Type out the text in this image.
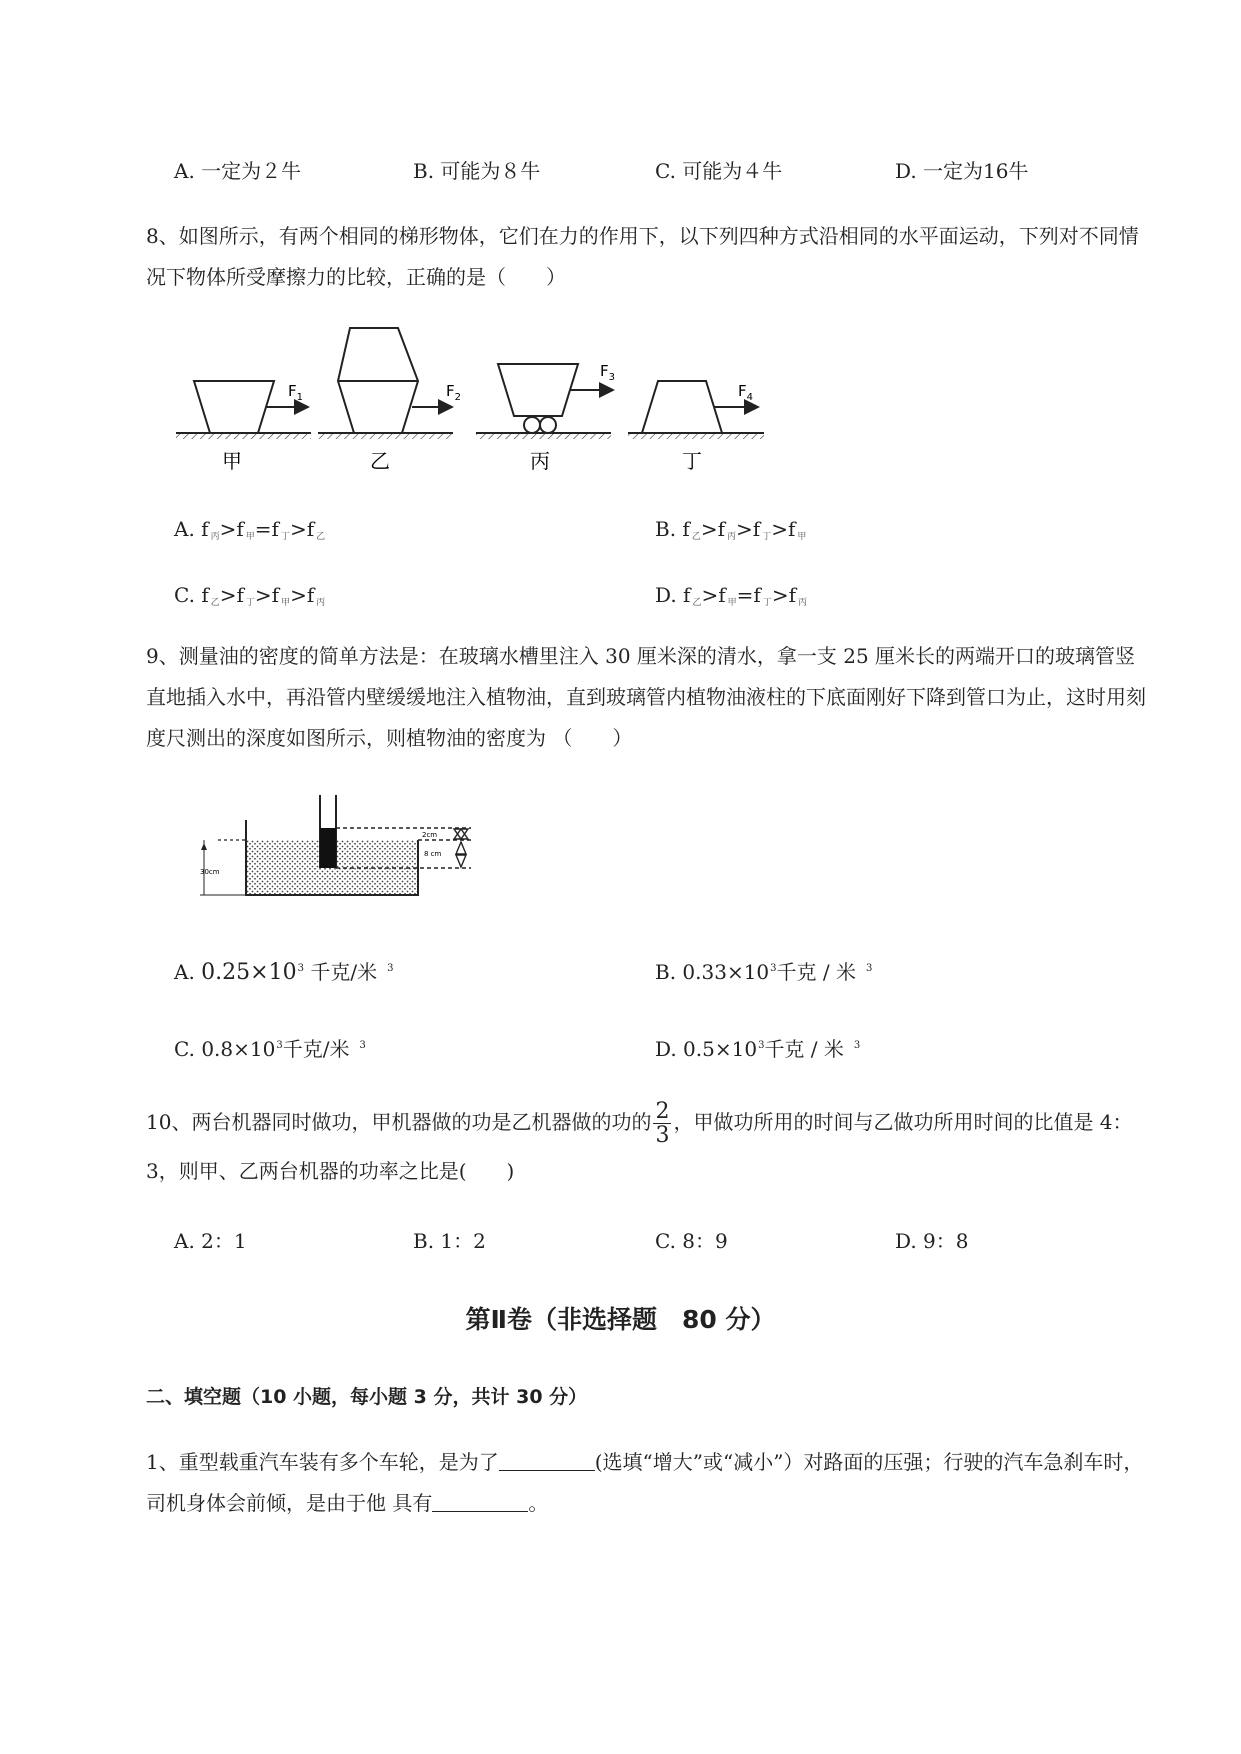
A. 一定为２牛	B. 可能为８牛	C. 可能为４牛	D. 一定为16牛

8、如图所示，有两个相同的梯形物体，它们在力的作用下，以下列四种方式沿相同的水平面运动，下列对不同情况下物体所受摩擦力的比较，正确的是（　　）

$F_1$
甲
$F_2$
乙
$F_3$
丙
$F_4$
丁
A. f $_丙$>f $_甲$=f $_丁$>f $_乙$	B. f $_乙$>f $_丙$>f $_丁$>f $_甲$
C. f $_乙$>f $_丁$>f $_甲$>f $_丙$	D. f $_乙$>f $_甲$=f $_丁$>f $_丙$

9、测量油的密度的简单方法是：在玻璃水槽里注入 30 厘米深的清水，拿一支 25 厘米长的两端开口的玻璃管竖直地插入水中，再沿管内壁缓缓地注入植物油，直到玻璃管内植物油液柱的下底面刚好下降到管口为止，这时用刻度尺测出的深度如图所示，则植物油的密度为 （　　）

30cm
2cm
8 cm
A. $0.25\times 10^3$ 千克/米 $^3$	B. $0.33\times 10^3$千克 / 米 $^3$
C. $0.8\times 10^3$千克/米 $^3$	D. $0.5\times 10^3$千克 / 米 $^3$

10、两台机器同时做功，甲机器做的功是乙机器做的功的 $\frac{2}{3}$ ，甲做功所用的时间与乙做功所用时间的比值是 4：3，则甲、乙两台机器的功率之比是(　　)

A. 2：1	B. 1：2	C. 8：9	D. 9：8
第Ⅱ卷（非选择题　80 分）
二、填空题（10 小题，每小题 3 分，共计 30 分）

1、重型载重汽车装有多个车轮，是为了	(选填“增大”或“减小”）对路面的压强；行驶的汽车急刹车时，司机身体会前倾，是由于他 具有	。
